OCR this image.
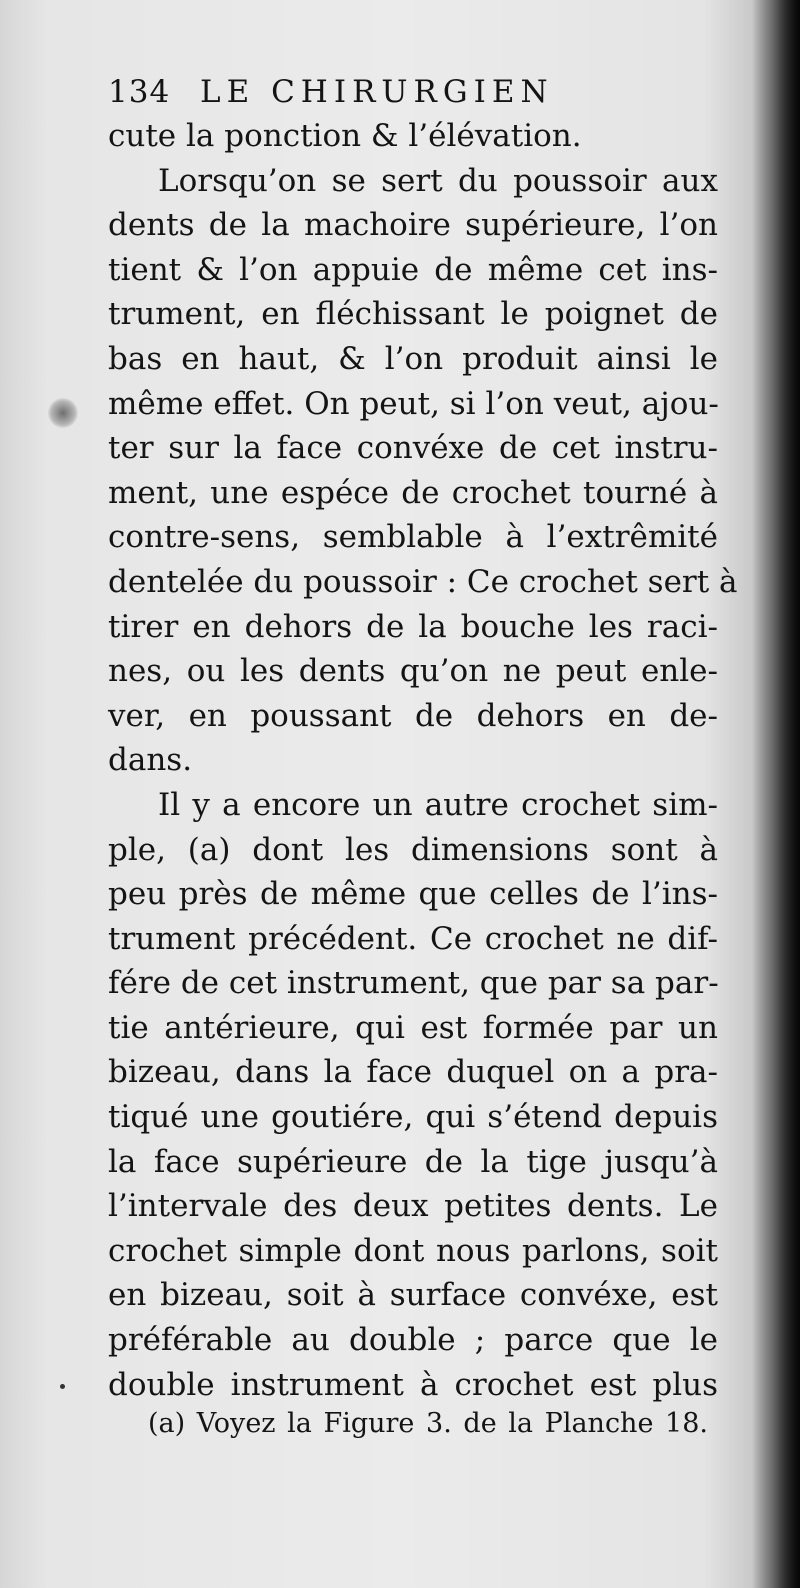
134 LE CHIRURGIEN
cute la ponction & l’élévation.
Lorsqu’on se sert du poussoir aux
dents de la machoire supérieure, l’on
tient & l’on appuie de même cet ins-
trument, en fléchissant le poignet de
bas en haut, & l’on produit ainsi le
même effet. On peut, si l’on veut, ajou-
ter sur la face convéxe de cet instru-
ment, une espéce de crochet tourné à
contre-sens, semblable à l’extrêmité
dentelée du poussoir : Ce crochet sert à
tirer en dehors de la bouche les raci-
nes, ou les dents qu’on ne peut enle-
ver, en poussant de dehors en de-
dans.
Il y a encore un autre crochet sim-
ple, (a) dont les dimensions sont à
peu près de même que celles de l’ins-
trument précédent. Ce crochet ne dif-
fére de cet instrument, que par sa par-
tie antérieure, qui est formée par un
bizeau, dans la face duquel on a pra-
tiqué une goutiére, qui s’étend depuis
la face supérieure de la tige jusqu’à
l’intervale des deux petites dents. Le
crochet simple dont nous parlons, soit
en bizeau, soit à surface convéxe, est
préférable au double ; parce que le
double instrument à crochet est plus
(a) Voyez la Figure 3. de la Planche 18.
